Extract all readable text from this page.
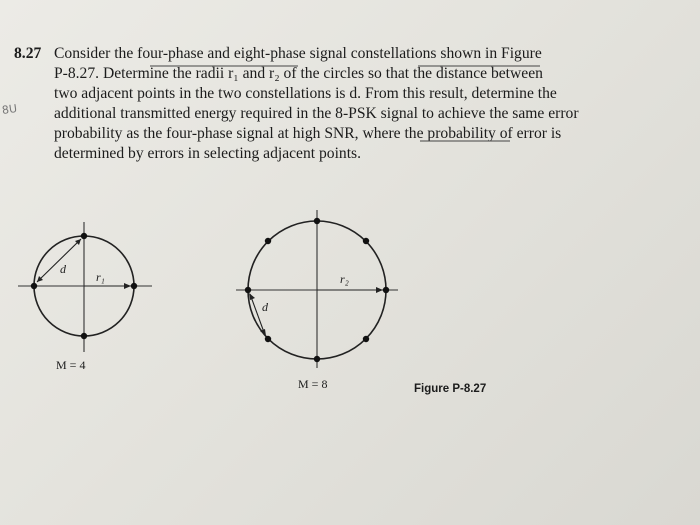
8.27 Consider the four-phase and eight-phase signal constellations shown in Figure
P-8.27. Determine the radii r₁ and r₂ of the circles so that the distance between
two adjacent points in the two constellations is d. From this result, determine the
additional transmitted energy required in the 8-PSK signal to achieve the same error
probability as the four-phase signal at high SNR, where the probability of error is
determined by errors in selecting adjacent points.
8U
d
r₁
M = 4
d
r₂
M = 8	Figure P-8.27
